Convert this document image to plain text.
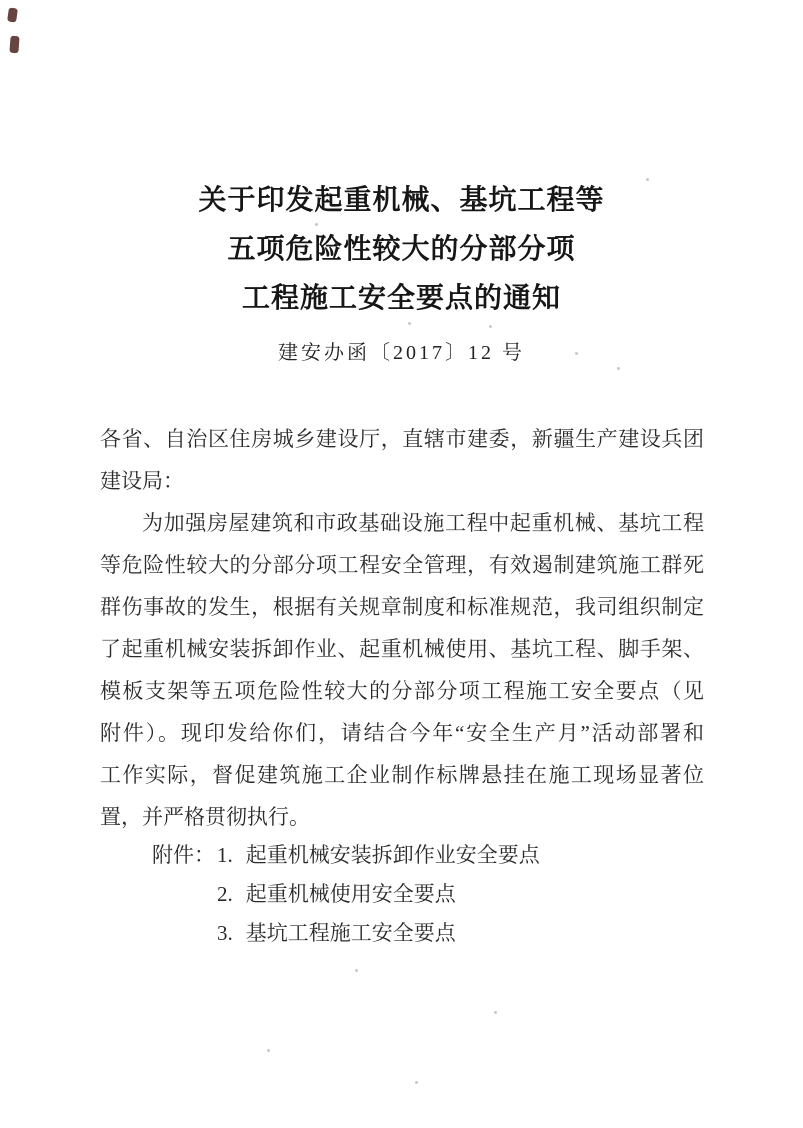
关于印发起重机械、基坑工程等
五项危险性较大的分部分项
工程施工安全要点的通知
建安办函〔2017〕12 号
各省、自治区住房城乡建设厅，直辖市建委，新疆生产建设兵团
建设局：
为加强房屋建筑和市政基础设施工程中起重机械、基坑工程
等危险性较大的分部分项工程安全管理，有效遏制建筑施工群死
群伤事故的发生，根据有关规章制度和标准规范，我司组织制定
了起重机械安装拆卸作业、起重机械使用、基坑工程、脚手架、
模板支架等五项危险性较大的分部分项工程施工安全要点（见
附件）。现印发给你们，请结合今年“安全生产月”活动部署和
工作实际，督促建筑施工企业制作标牌悬挂在施工现场显著位
置，并严格贯彻执行。
附件： 1. 起重机械安装拆卸作业安全要点
2. 起重机械使用安全要点
3. 基坑工程施工安全要点
